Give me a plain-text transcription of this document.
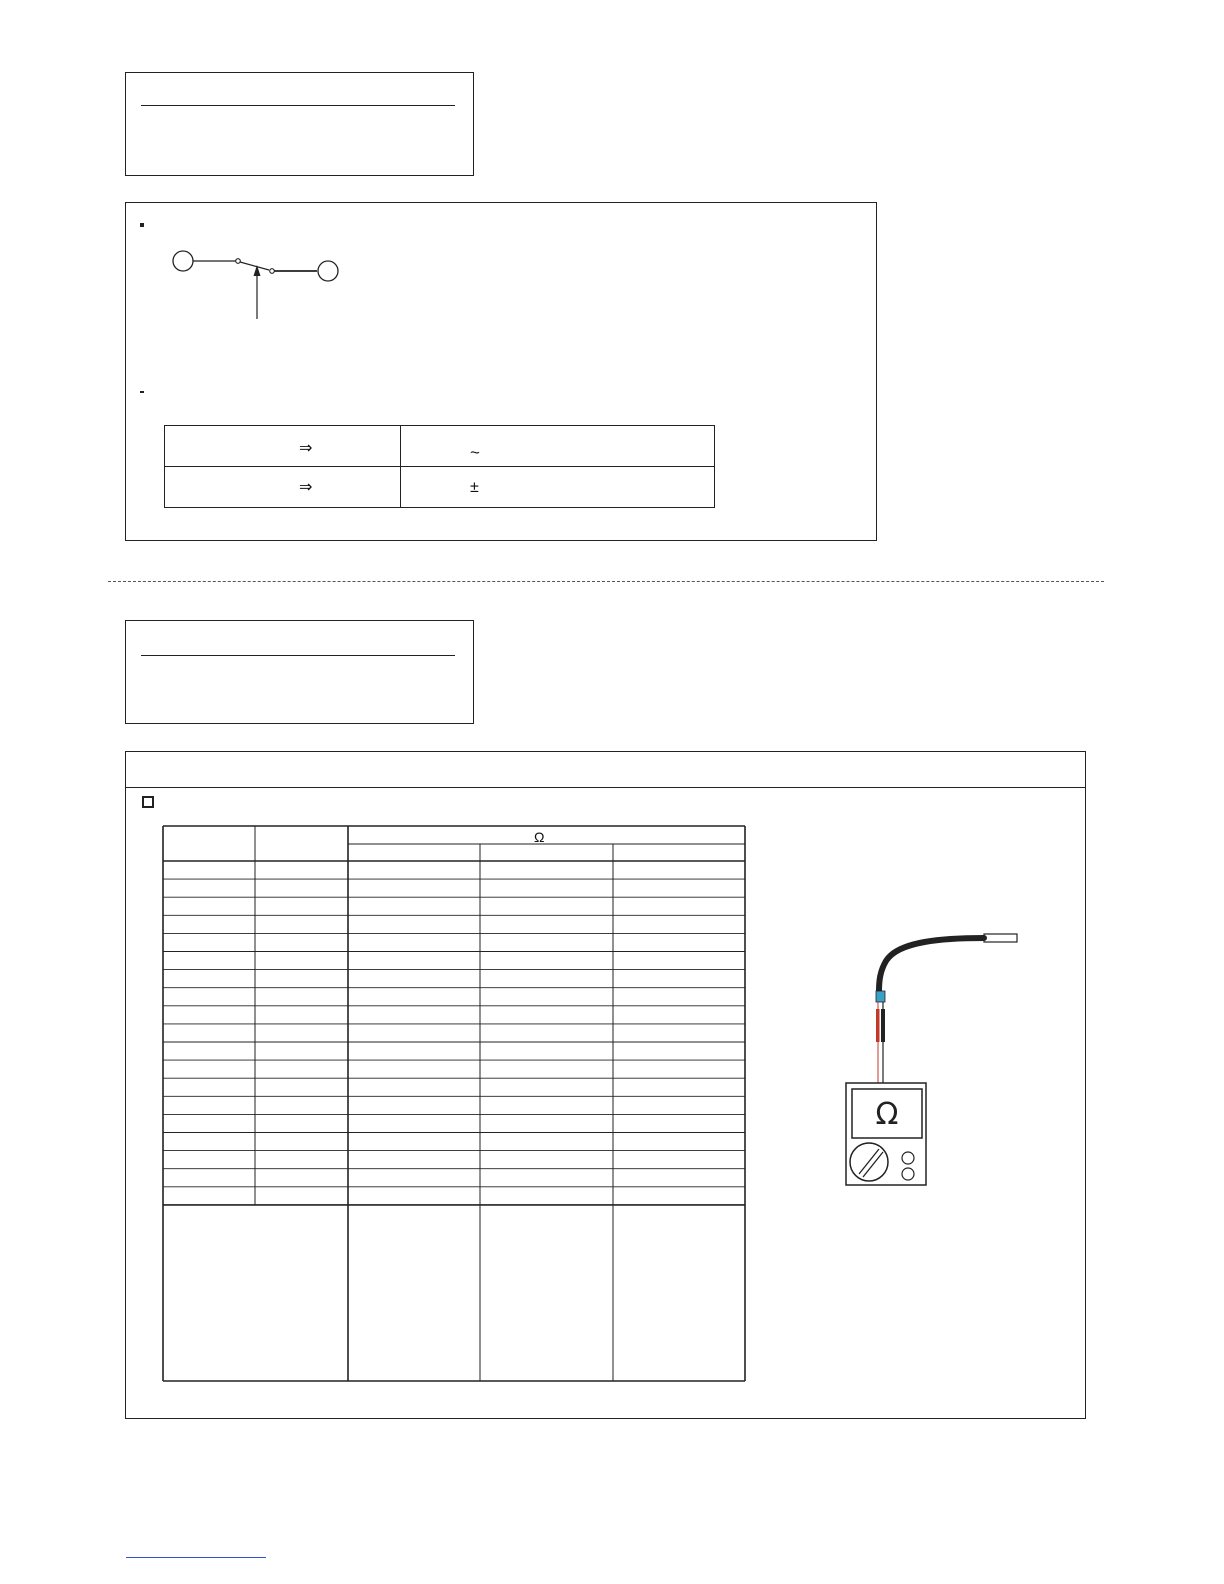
⇒	~
⇒	±
Ω
Ω
